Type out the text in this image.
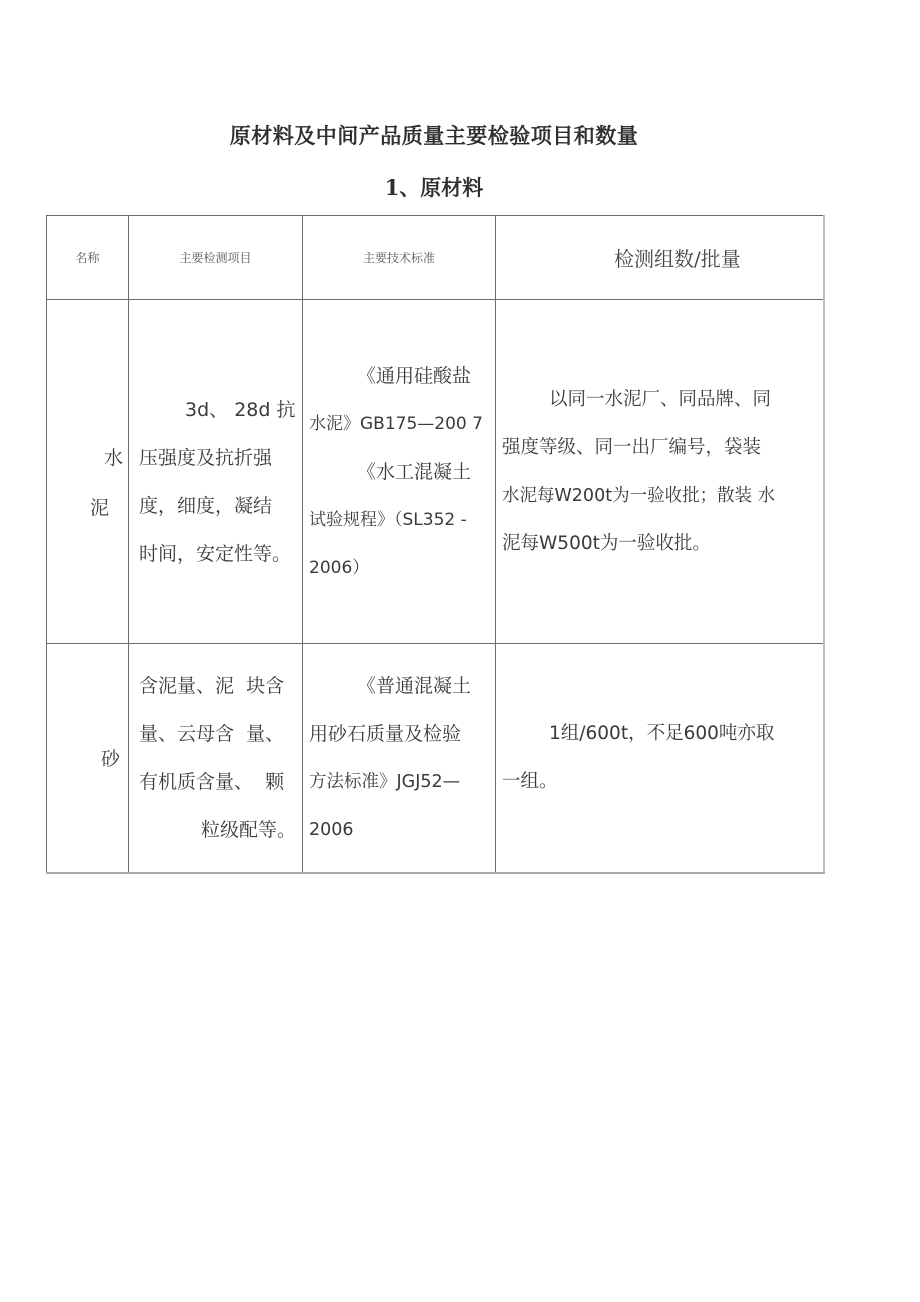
原材料及中间产品质量主要检验项目和数量
1、原材料
名称	主要检测项目	主要技术标准	检测组数/批量

水
泥	3d、 28d 抗
压强度及抗折强
度，细度，凝结
时间，安定性等。	《通用硅酸盐
水泥》GB175—200 7
《水工混凝土
试验规程》（SL352 -
2006）	以同一水泥厂、同品牌、同
强度等级、同一出厂编号，袋装
水泥每W200t为一验收批；散装 水
泥每W500t为一验收批。

砂	含泥量、泥  块含
量、云母含  量、
有机质含量、  颗
粒级配等。	《普通混凝土
用砂石质量及检验
方法标准》JGJ52—
2006	1组/600t，不足600吨亦取
一组。
